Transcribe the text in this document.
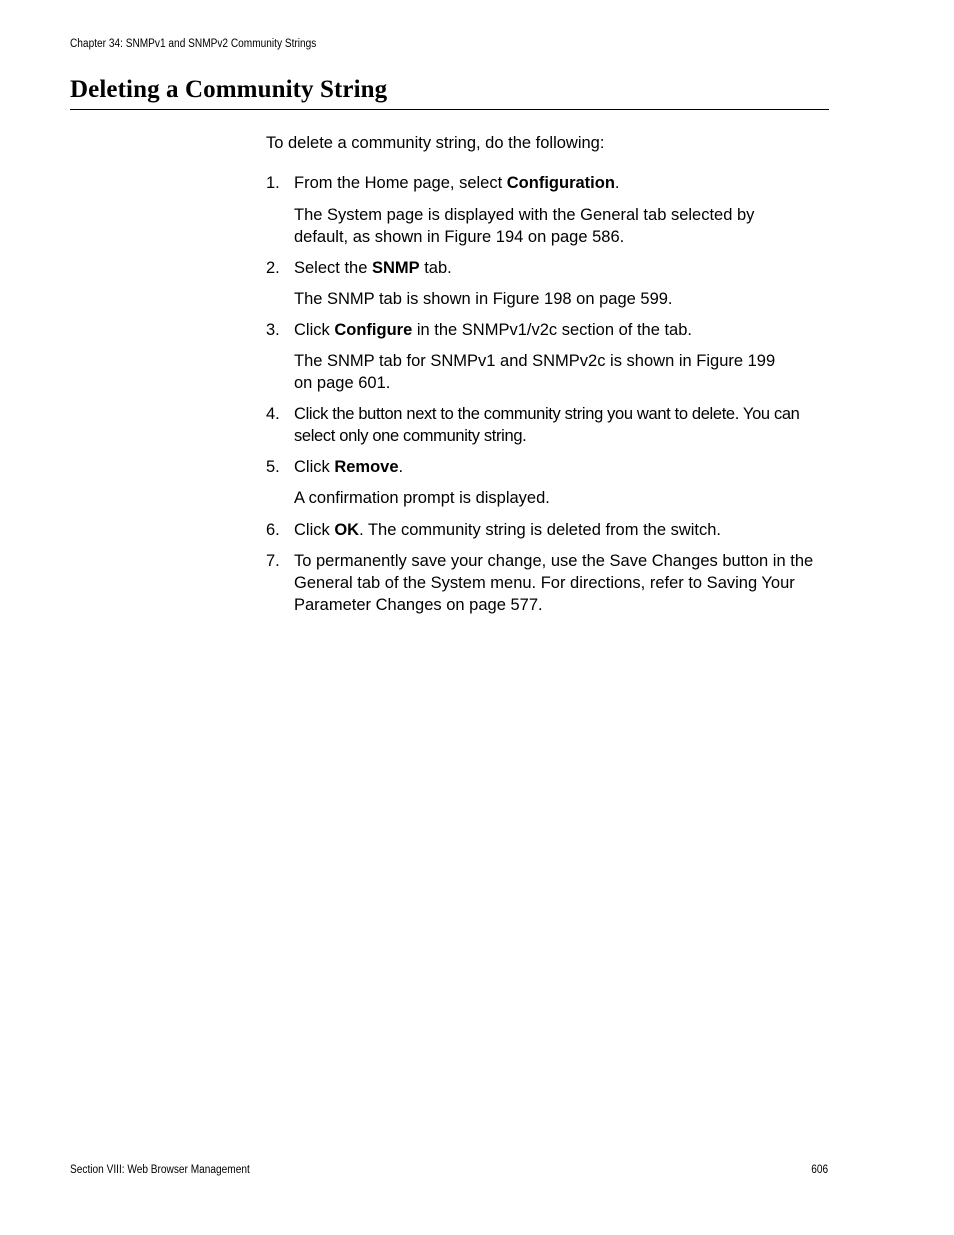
Chapter 34: SNMPv1 and SNMPv2 Community Strings
Deleting a Community String

To delete a community string, do the following:

1. From the Home page, select Configuration.
The System page is displayed with the General tab selected by default, as shown in Figure 194 on page 586.
2. Select the SNMP tab.
The SNMP tab is shown in Figure 198 on page 599.
3. Click Configure in the SNMPv1/v2c section of the tab.
The SNMP tab for SNMPv1 and SNMPv2c is shown in Figure 199 on page 601.
4. Click the button next to the community string you want to delete. You can select only one community string.
5. Click Remove.
A confirmation prompt is displayed.
6. Click OK. The community string is deleted from the switch.
7. To permanently save your change, use the Save Changes button in the General tab of the System menu. For directions, refer to Saving Your Parameter Changes on page 577.
Section VIII: Web Browser Management	606
